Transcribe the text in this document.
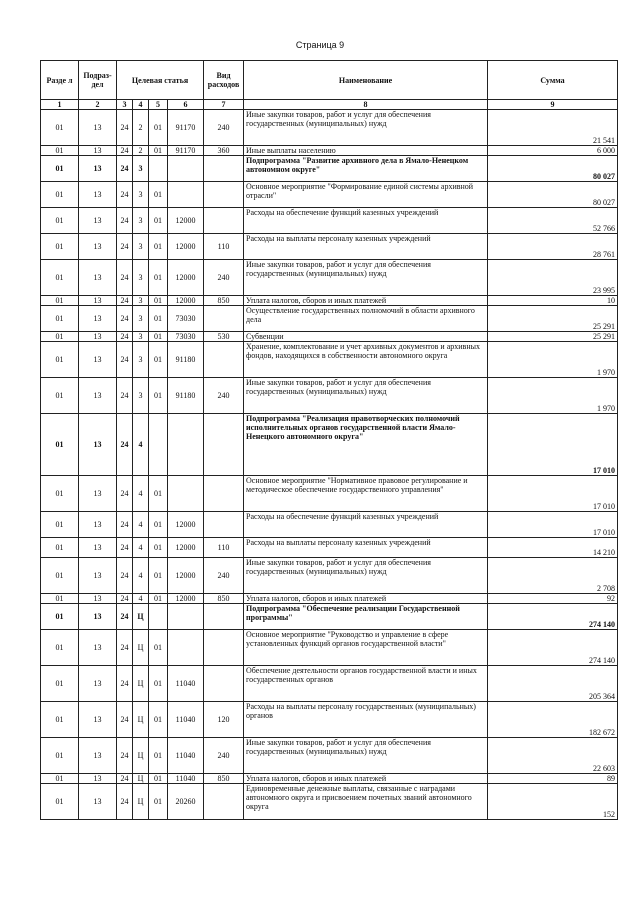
Страница 9
Разде л	Подраз- дел	Целевая статья				Вид расходов	Наименование	Сумма
1	2	3	4	5	6	7	8	9
01	13	24	2	01	91170	240	Иные закупки товаров, работ и услуг для обеспечения государственных (муниципальных) нужд	21 541
01	13	24	2	01	91170	360	Иные выплаты населению	6 000
01	13	24	3				Подпрограмма "Развитие архивного дела в Ямало-Ненецком автономном округе"	80 027
01	13	24	3	01			Основное мероприятие "Формирование единой системы архивной отрасли"	80 027
01	13	24	3	01	12000		Расходы на обеспечение функций казенных учреждений	52 766
01	13	24	3	01	12000	110	Расходы на выплаты персоналу казенных учреждений	28 761
01	13	24	3	01	12000	240	Иные закупки товаров, работ и услуг для обеспечения государственных (муниципальных) нужд	23 995
01	13	24	3	01	12000	850	Уплата налогов, сборов и иных платежей	10
01	13	24	3	01	73030		Осуществление государственных полномочий в области архивного дела	25 291
01	13	24	3	01	73030	530	Субвенции	25 291
01	13	24	3	01	91180		Хранение, комплектование и учет архивных документов и архивных фондов, находящихся в собственности автономного округа	1 970
01	13	24	3	01	91180	240	Иные закупки товаров, работ и услуг для обеспечения государственных (муниципальных) нужд	1 970
01	13	24	4				Подпрограмма "Реализация правотворческих полномочий исполнительных органов государственной власти Ямало-Ненецкого автономного округа"	17 010
01	13	24	4	01			Основное мероприятие "Нормативное правовое регулирование и методическое обеспечение государственного управления"	17 010
01	13	24	4	01	12000		Расходы на обеспечение функций казенных учреждений	17 010
01	13	24	4	01	12000	110	Расходы на выплаты персоналу казенных учреждений	14 210
01	13	24	4	01	12000	240	Иные закупки товаров, работ и услуг для обеспечения государственных (муниципальных) нужд	2 708
01	13	24	4	01	12000	850	Уплата налогов, сборов и иных платежей	92
01	13	24	Ц				Подпрограмма "Обеспечение реализации Государственной программы"	274 140
01	13	24	Ц	01			Основное мероприятие "Руководство и управление в сфере установленных функций органов государственной власти"	274 140
01	13	24	Ц	01	11040		Обеспечение деятельности органов государственной власти и иных государственных органов	205 364
01	13	24	Ц	01	11040	120	Расходы на выплаты персоналу государственных (муниципальных) органов	182 672
01	13	24	Ц	01	11040	240	Иные закупки товаров, работ и услуг для обеспечения государственных (муниципальных) нужд	22 603
01	13	24	Ц	01	11040	850	Уплата налогов, сборов и иных платежей	89
01	13	24	Ц	01	20260		Единовременные денежные выплаты, связанные с наградами автономного округа и присвоением почетных званий автономного округа	152
